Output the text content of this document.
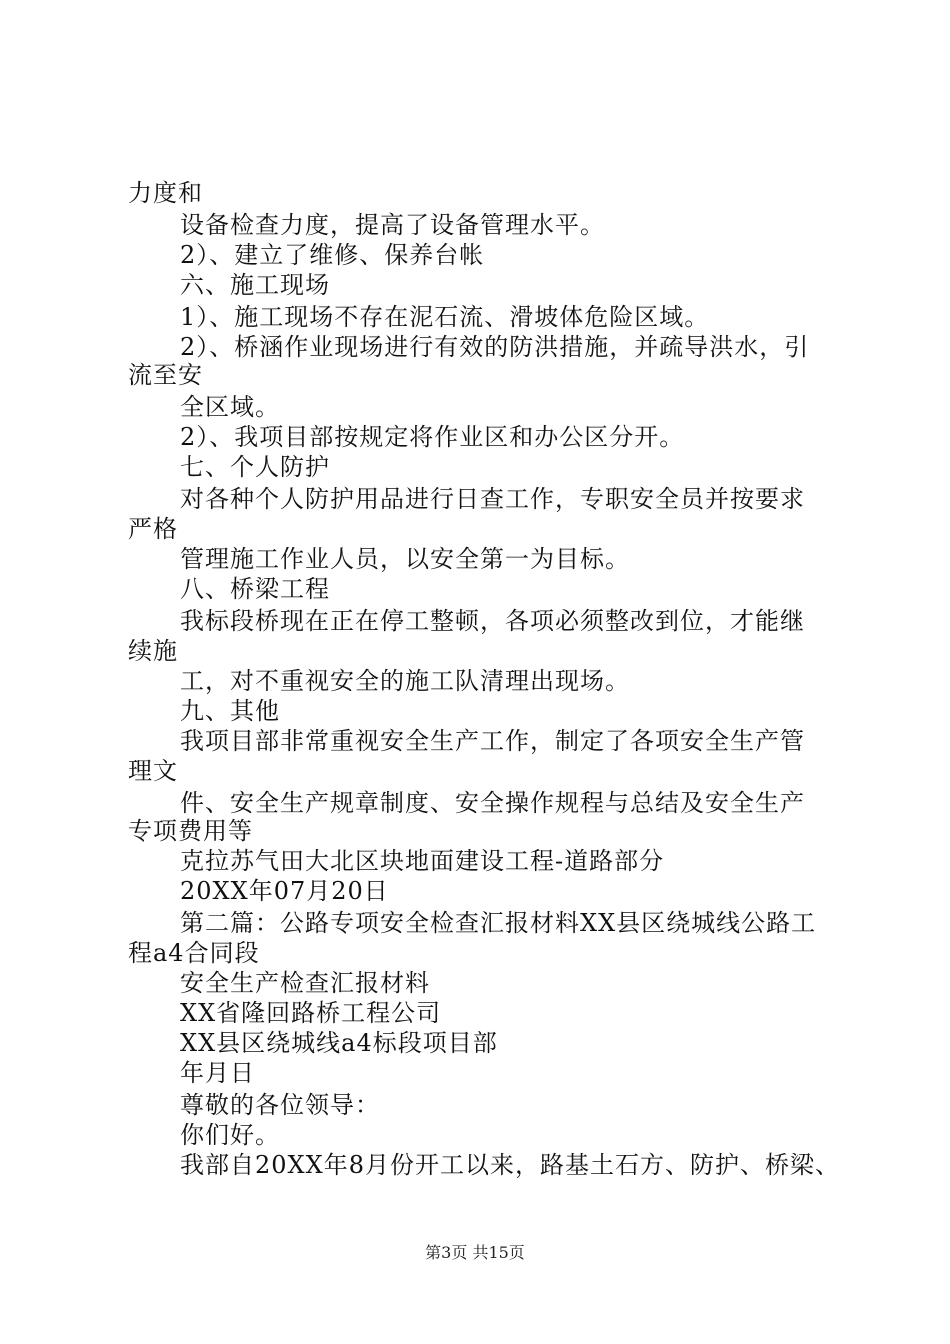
力度和
设备检查力度，提高了设备管理水平。
2）、建立了维修、保养台帐
六、施工现场
1）、施工现场不存在泥石流、滑坡体危险区域。
2）、桥涵作业现场进行有效的防洪措施，并疏导洪水，引
流至安
全区域。
2）、我项目部按规定将作业区和办公区分开。
七、个人防护
对各种个人防护用品进行日查工作，专职安全员并按要求
严格
管理施工作业人员，以安全第一为目标。
八、桥梁工程
我标段桥现在正在停工整顿，各项必须整改到位，才能继
续施
工，对不重视安全的施工队清理出现场。
九、其他
我项目部非常重视安全生产工作，制定了各项安全生产管
理文
件、安全生产规章制度、安全操作规程与总结及安全生产
专项费用等
克拉苏气田大北区块地面建设工程-道路部分
20XX年07月20日
第二篇：公路专项安全检查汇报材料XX县区绕城线公路工
程a4合同段
安全生产检查汇报材料
XX省隆回路桥工程公司
XX县区绕城线a4标段项目部
年月日
尊敬的各位领导：
你们好。
我部自20XX年8月份开工以来，路基土石方、防护、桥梁、
第3页 共15页
